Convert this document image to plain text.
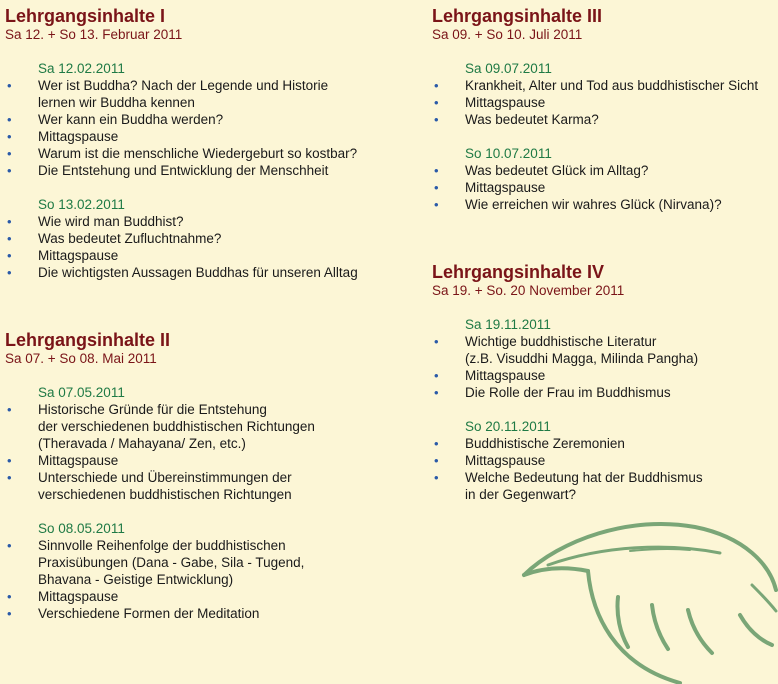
Lehrgangsinhalte I
Sa 12. + So 13. Februar 2011
Sa 12.02.2011
• Wer ist Buddha? Nach der Legende und Historie
lernen wir Buddha kennen
• Wer kann ein Buddha werden?
• Mittagspause
• Warum ist die menschliche Wiedergeburt so kostbar?
• Die Entstehung und Entwicklung der Menschheit
So 13.02.2011
• Wie wird man Buddhist?
• Was bedeutet Zufluchtnahme?
• Mittagspause
• Die wichtigsten Aussagen Buddhas für unseren Alltag
Lehrgangsinhalte II
Sa 07. + So 08. Mai 2011
Sa 07.05.2011
• Historische Gründe für die Entstehung
der verschiedenen buddhistischen Richtungen
(Theravada / Mahayana/ Zen, etc.)
• Mittagspause
• Unterschiede und Übereinstimmungen der
verschiedenen buddhistischen Richtungen
So 08.05.2011
• Sinnvolle Reihenfolge der buddhistischen
Praxisübungen (Dana - Gabe, Sila - Tugend,
Bhavana - Geistige Entwicklung)
• Mittagspause
• Verschiedene Formen der Meditation
Lehrgangsinhalte III
Sa 09. + So 10. Juli 2011
Sa 09.07.2011
• Krankheit, Alter und Tod aus buddhistischer Sicht
• Mittagspause
• Was bedeutet Karma?
So 10.07.2011
• Was bedeutet Glück im Alltag?
• Mittagspause
• Wie erreichen wir wahres Glück (Nirvana)?
Lehrgangsinhalte IV
Sa 19. + So. 20 November 2011
Sa 19.11.2011
• Wichtige buddhistische Literatur
(z.B. Visuddhi Magga, Milinda Pangha)
• Mittagspause
• Die Rolle der Frau im Buddhismus
So 20.11.2011
• Buddhistische Zeremonien
• Mittagspause
• Welche Bedeutung hat der Buddhismus
in der Gegenwart?
